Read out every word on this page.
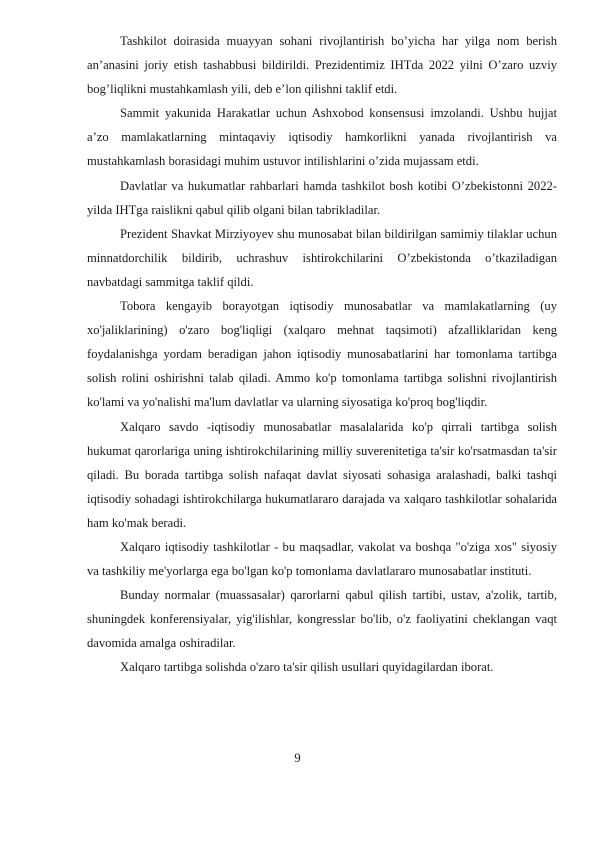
Tashkilot doirasida muayyan sohani rivojlantirish bo’yicha har yilga nom berish an’anasini joriy etish tashabbusi bildirildi. Prezidentimiz IHTda 2022 yilni O’zaro uzviy bog’liqlikni mustahkamlash yili, deb e’lon qilishni taklif etdi.

Sammit yakunida Harakatlar uchun Ashxobod konsensusi imzolandi. Ushbu hujjat a’zo mamlakatlarning mintaqaviy iqtisodiy hamkorlikni yanada rivojlantirish va mustahkamlash borasidagi muhim ustuvor intilishlarini o’zida mujassam etdi.

Davlatlar va hukumatlar rahbarlari hamda tashkilot bosh kotibi O’zbekistonni 2022-yilda IHTga raislikni qabul qilib olgani bilan tabrikladilar.

Prezident Shavkat Mirziyoyev shu munosabat bilan bildirilgan samimiy tilaklar uchun minnatdorchilik bildirib, uchrashuv ishtirokchilarini O’zbekistonda o’tkaziladigan navbatdagi sammitga taklif qildi.

Tobora kengayib borayotgan iqtisodiy munosabatlar va mamlakatlarning (uy xo'jaliklarining) o'zaro bog'liqligi (xalqaro mehnat taqsimoti) afzalliklaridan keng foydalanishga yordam beradigan jahon iqtisodiy munosabatlarini har tomonlama tartibga solish rolini oshirishni talab qiladi. Ammo ko'p tomonlama tartibga solishni rivojlantirish ko'lami va yo'nalishi ma'lum davlatlar va ularning siyosatiga ko'proq bog'liqdir.

Xalqaro savdo -iqtisodiy munosabatlar masalalarida ko'p qirrali tartibga solish hukumat qarorlariga uning ishtirokchilarining milliy suverenitetiga ta'sir ko'rsatmasdan ta'sir qiladi. Bu borada tartibga solish nafaqat davlat siyosati sohasiga aralashadi, balki tashqi iqtisodiy sohadagi ishtirokchilarga hukumatlararo darajada va xalqaro tashkilotlar sohalarida ham ko'mak beradi.

Xalqaro iqtisodiy tashkilotlar - bu maqsadlar, vakolat va boshqa "o'ziga xos" siyosiy va tashkiliy me'yorlarga ega bo'lgan ko'p tomonlama davlatlararo munosabatlar instituti.

Bunday normalar (muassasalar) qarorlarni qabul qilish tartibi, ustav, a'zolik, tartib, shuningdek konferensiyalar, yig'ilishlar, kongresslar bo'lib, o'z faoliyatini cheklangan vaqt davomida amalga oshiradilar.

Xalqaro tartibga solishda o'zaro ta'sir qilish usullari quyidagilardan iborat.

9
